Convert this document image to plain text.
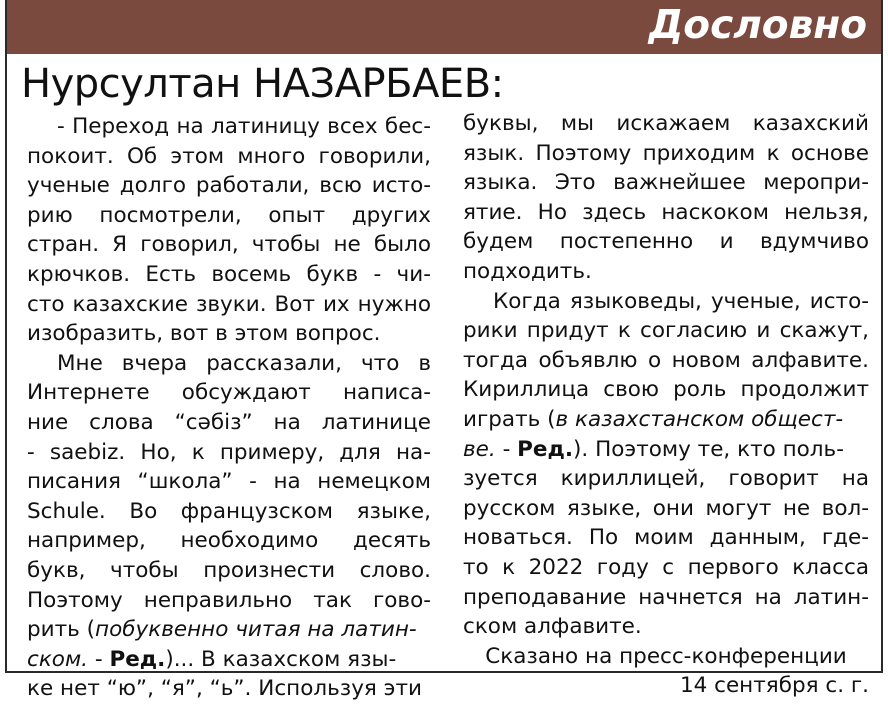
Дословно
Нурсултан НАЗАРБАЕВ:
- Переход на латиницу всех бес-
покоит. Об этом много говорили,
ученые долго работали, всю исто-
рию посмотрели, опыт других
стран. Я говорил, чтобы не было
крючков. Есть восемь букв - чи-
сто казахские звуки. Вот их нужно
изобразить, вот в этом вопрос.
Мне вчера рассказали, что в
Интернете обсуждают написа-
ние слова “сәбіз” на латинице
- saebiz. Но, к примеру, для на-
писания “школа” - на немецком
Schule. Во французском языке,
например, необходимо десять
букв, чтобы произнести слово.
Поэтому неправильно так гово-
рить (побуквенно читая на латин-
ском. - Ред.)... В казахском язы-
ке нет “ю”, “я”, “ь”. Используя эти
буквы, мы искажаем казахский
язык. Поэтому приходим к основе
языка. Это важнейшее меропри-
ятие. Но здесь наскоком нельзя,
будем постепенно и вдумчиво
подходить.
Когда языковеды, ученые, исто-
рики придут к согласию и скажут,
тогда объявлю о новом алфавите.
Кириллица свою роль продолжит
играть (в казахстанском общест-
ве. - Ред.). Поэтому те, кто поль-
зуется кириллицей, говорит на
русском языке, они могут не вол-
новаться. По моим данным, где-
то к 2022 году с первого класса
преподавание начнется на латин-
ском алфавите.
Сказано на пресс-конференции
14 сентября с. г.
